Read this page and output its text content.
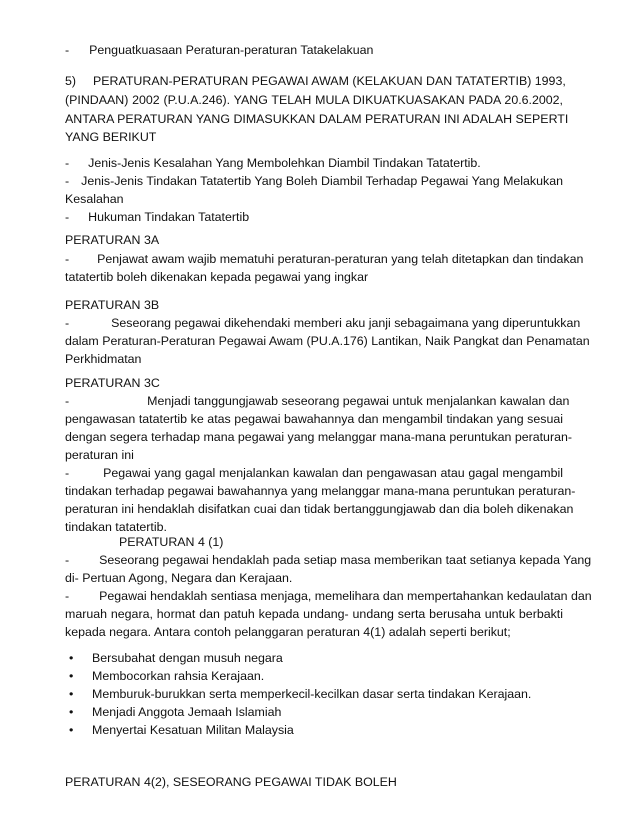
- Penguatkuasaan Peraturan-peraturan Tatakelakuan
5) PERATURAN-PERATURAN PEGAWAI AWAM (KELAKUAN DAN TATATERTIB) 1993,
(PINDAAN) 2002 (P.U.A.246). YANG TELAH MULA DIKUATKUASAKAN PADA 20.6.2002,
ANTARA PERATURAN YANG DIMASUKKAN DALAM PERATURAN INI ADALAH SEPERTI
YANG BERIKUT
- Jenis-Jenis Kesalahan Yang Membolehkan Diambil Tindakan Tatatertib.
- Jenis-Jenis Tindakan Tatatertib Yang Boleh Diambil Terhadap Pegawai Yang Melakukan
Kesalahan
- Hukuman Tindakan Tatatertib
PERATURAN 3A
- Penjawat awam wajib mematuhi peraturan-peraturan yang telah ditetapkan dan tindakan
tatatertib boleh dikenakan kepada pegawai yang ingkar
PERATURAN 3B
-	Seseorang pegawai dikehendaki memberi aku janji sebagaimana yang diperuntukkan
dalam Peraturan-Peraturan Pegawai Awam (PU.A.176) Lantikan, Naik Pangkat dan Penamatan
Perkhidmatan
PERATURAN 3C
-	Menjadi tanggungjawab seseorang pegawai untuk menjalankan kawalan dan
pengawasan tatatertib ke atas pegawai bawahannya dan mengambil tindakan yang sesuai
dengan segera terhadap mana pegawai yang melanggar mana-mana peruntukan peraturan-
peraturan ini
-	Pegawai yang gagal menjalankan kawalan dan pengawasan atau gagal mengambil
tindakan terhadap pegawai bawahannya yang melanggar mana-mana peruntukan peraturan-
peraturan ini hendaklah disifatkan cuai dan tidak bertanggungjawab dan dia boleh dikenakan
tindakan tatatertib.
PERATURAN 4 (1)
- Seseorang pegawai hendaklah pada setiap masa memberikan taat setianya kepada Yang
di- Pertuan Agong, Negara dan Kerajaan.
- Pegawai hendaklah sentiasa menjaga, memelihara dan mempertahankan kedaulatan dan
maruah negara, hormat dan patuh kepada undang- undang serta berusaha untuk berbakti
kepada negara. Antara contoh pelanggaran peraturan 4(1) adalah seperti berikut;
• Bersubahat dengan musuh negara
• Membocorkan rahsia Kerajaan.
• Memburuk-burukkan serta memperkecil-kecilkan dasar serta tindakan Kerajaan.
• Menjadi Anggota Jemaah Islamiah
• Menyertai Kesatuan Militan Malaysia
PERATURAN 4(2), SESEORANG PEGAWAI TIDAK BOLEH
